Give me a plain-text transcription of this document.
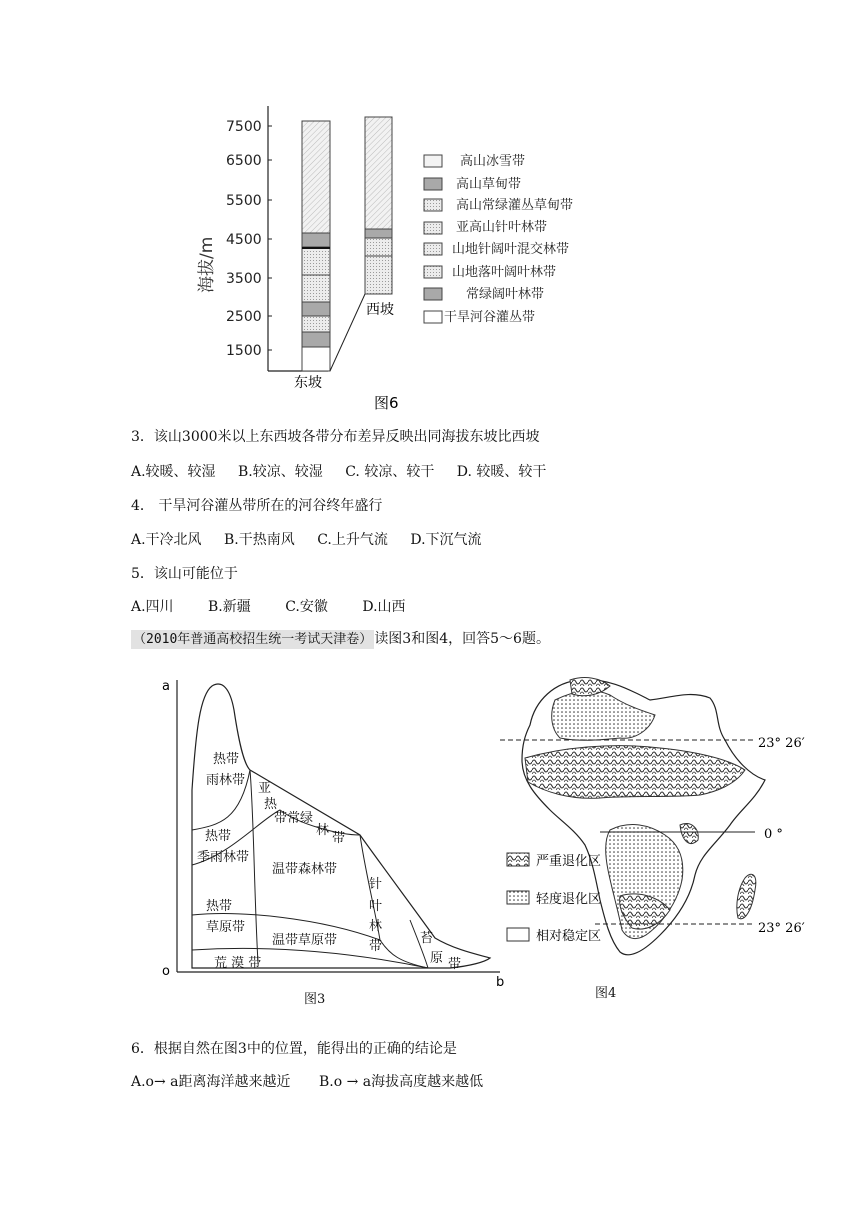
7500
6500
5500
4500
3500
2500
1500
海拔/m
东坡
西坡
图6
高山冰雪带
高山草甸带
高山常绿灌丛草甸带
亚高山针叶林带
山地针阔叶混交林带
山地落叶阔叶林带
常绿阔叶林带
干旱河谷灌丛带
3．该山3000米以上东西坡各带分布差异反映出同海拔东坡比西坡
A.较暖、较湿 B.较凉、较湿 C. 较凉、较干 D. 较暖、较干
4． 干旱河谷灌丛带所在的河谷终年盛行
A.干冷北风 B.干热南风 C.上升气流 D.下沉气流
5．该山可能位于
A.四川 B.新疆 C.安徽 D.山西
（2010年普通高校招生统一考试天津卷） 读图3和图4，回答5～6题。
a
o
b
热带
雨林带
亚
热
带常绿
林
带
热带
季雨林带
温带森林带
针
叶
林
带
热带
草原带
温带草原带	苔
原 带
荒 漠 带
图3
23° 26′
0 °
23° 26′
严重退化区
轻度退化区
相对稳定区
图4
6．根据自然在图3中的位置，能得出的正确的结论是
A.o→ a距离海洋越来越近 B.o → a海拔高度越来越低
